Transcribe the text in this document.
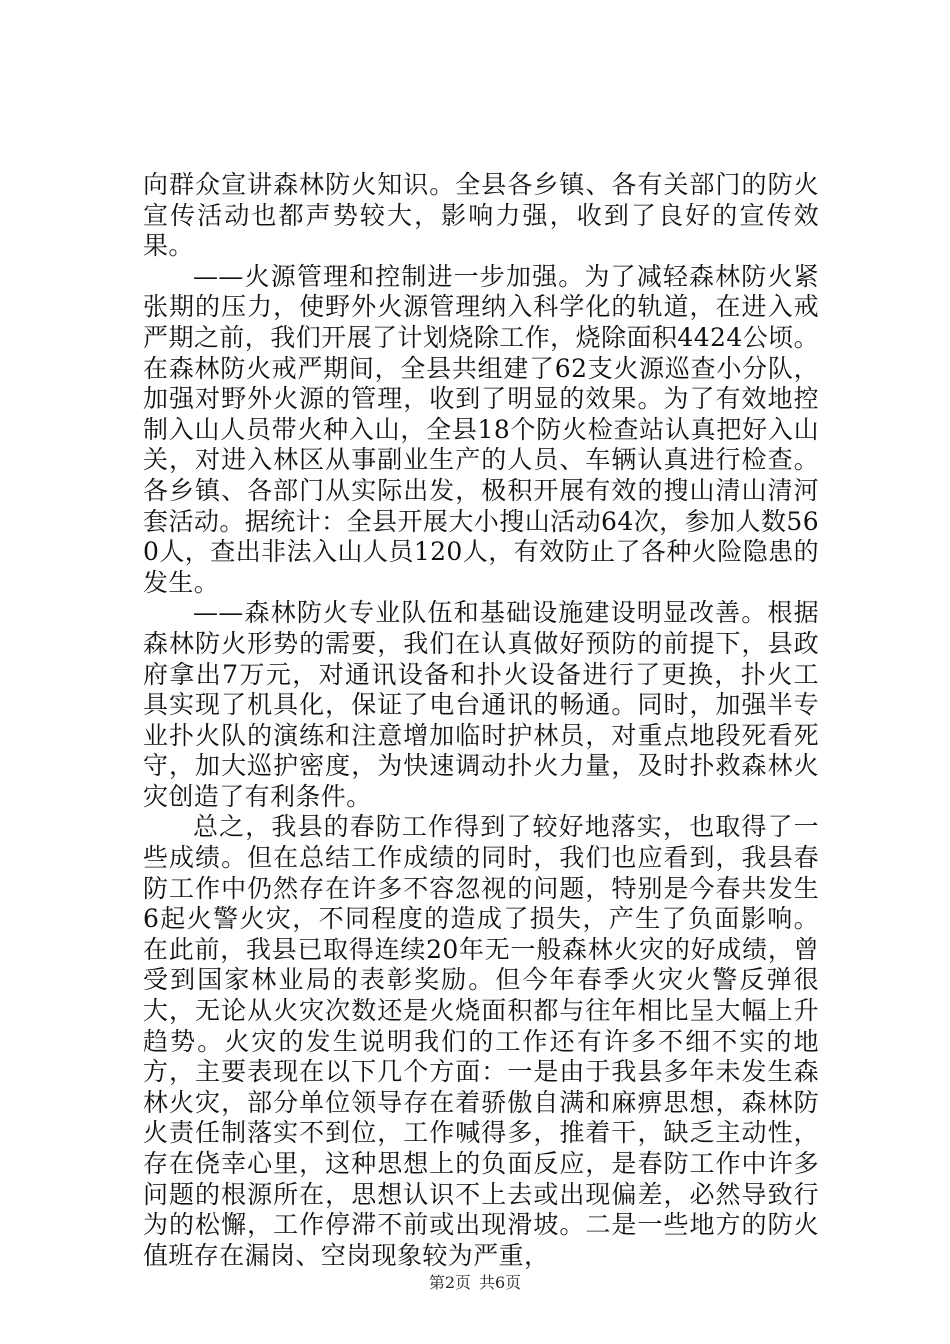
向群众宣讲森林防火知识。全县各乡镇、各有关部门的防火宣传活动也都声势较大，影响力强，收到了良好的宣传效果。

——火源管理和控制进一步加强。为了减轻森林防火紧张期的压力，使野外火源管理纳入科学化的轨道，在进入戒严期之前，我们开展了计划烧除工作，烧除面积4424公顷。在森林防火戒严期间，全县共组建了62支火源巡查小分队，加强对野外火源的管理，收到了明显的效果。为了有效地控制入山人员带火种入山，全县18个防火检查站认真把好入山关，对进入林区从事副业生产的人员、车辆认真进行检查。各乡镇、各部门从实际出发，极积开展有效的搜山清山清河套活动。据统计：全县开展大小搜山活动64次，参加人数560人，查出非法入山人员120人，有效防止了各种火险隐患的发生。

——森林防火专业队伍和基础设施建设明显改善。根据森林防火形势的需要，我们在认真做好预防的前提下，县政府拿出7万元，对通讯设备和扑火设备进行了更换，扑火工具实现了机具化，保证了电台通讯的畅通。同时，加强半专业扑火队的演练和注意增加临时护林员，对重点地段死看死守，加大巡护密度，为快速调动扑火力量，及时扑救森林火灾创造了有利条件。

总之，我县的春防工作得到了较好地落实，也取得了一些成绩。但在总结工作成绩的同时，我们也应看到，我县春防工作中仍然存在许多不容忽视的问题，特别是今春共发生6起火警火灾，不同程度的造成了损失，产生了负面影响。在此前，我县已取得连续20年无一般森林火灾的好成绩，曾受到国家林业局的表彰奖励。但今年春季火灾火警反弹很大，无论从火灾次数还是火烧面积都与往年相比呈大幅上升趋势。火灾的发生说明我们的工作还有许多不细不实的地方，主要表现在以下几个方面：一是由于我县多年未发生森林火灾，部分单位领导存在着骄傲自满和麻痹思想，森林防火责任制落实不到位，工作喊得多，推着干，缺乏主动性，存在侥幸心里，这种思想上的负面反应，是春防工作中许多问题的根源所在，思想认识不上去或出现偏差，必然导致行为的松懈，工作停滞不前或出现滑坡。二是一些地方的防火值班存在漏岗、空岗现象较为严重，

第2页 共6页
